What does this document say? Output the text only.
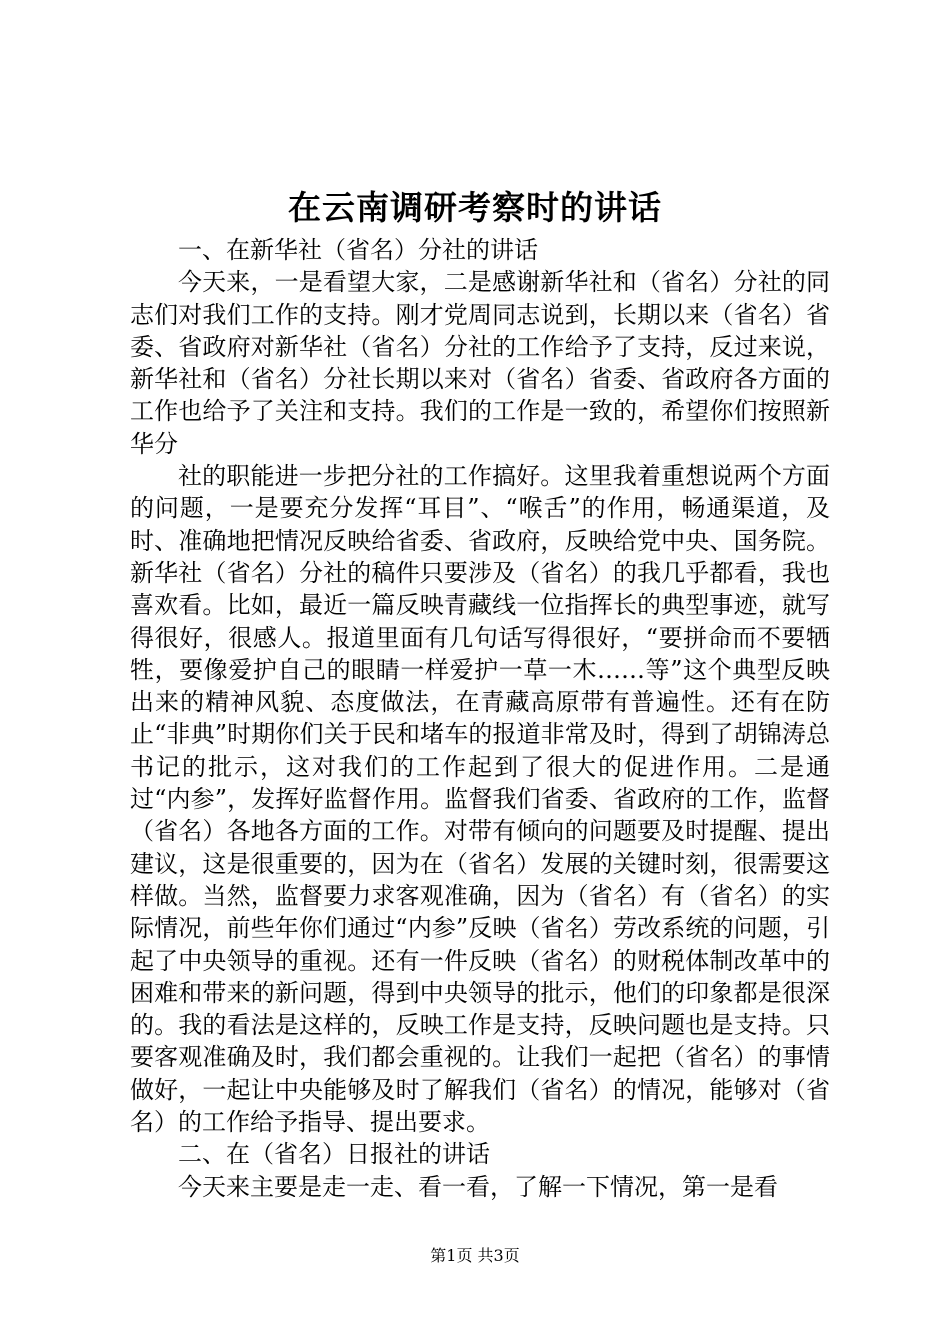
在云南调研考察时的讲话

一、在新华社（省名）分社的讲话

今天来，一是看望大家，二是感谢新华社和（省名）分社的同志们对我们工作的支持。刚才党周同志说到，长期以来（省名）省委、省政府对新华社（省名）分社的工作给予了支持，反过来说，新华社和（省名）分社长期以来对（省名）省委、省政府各方面的工作也给予了关注和支持。我们的工作是一致的，希望你们按照新华分

社的职能进一步把分社的工作搞好。这里我着重想说两个方面的问题，一是要充分发挥“耳目”、“喉舌”的作用，畅通渠道，及时、准确地把情况反映给省委、省政府，反映给党中央、国务院。新华社（省名）分社的稿件只要涉及（省名）的我几乎都看，我也喜欢看。比如，最近一篇反映青藏线一位指挥长的典型事迹，就写得很好，很感人。报道里面有几句话写得很好，“要拼命而不要牺牲，要像爱护自己的眼睛一样爱护一草一木……等”这个典型反映出来的精神风貌、态度做法，在青藏高原带有普遍性。还有在防止“非典”时期你们关于民和堵车的报道非常及时，得到了胡锦涛总书记的批示，这对我们的工作起到了很大的促进作用。二是通过“内参”，发挥好监督作用。监督我们省委、省政府的工作，监督（省名）各地各方面的工作。对带有倾向的问题要及时提醒、提出建议，这是很重要的，因为在（省名）发展的关键时刻，很需要这样做。当然，监督要力求客观准确，因为（省名）有（省名）的实际情况，前些年你们通过“内参”反映（省名）劳改系统的问题，引起了中央领导的重视。还有一件反映（省名）的财税体制改革中的困难和带来的新问题，得到中央领导的批示，他们的印象都是很深的。我的看法是这样的，反映工作是支持，反映问题也是支持。只要客观准确及时，我们都会重视的。让我们一起把（省名）的事情做好，一起让中央能够及时了解我们（省名）的情况，能够对（省名）的工作给予指导、提出要求。

二、在（省名）日报社的讲话

今天来主要是走一走、看一看，了解一下情况，第一是看

第1页 共3页
